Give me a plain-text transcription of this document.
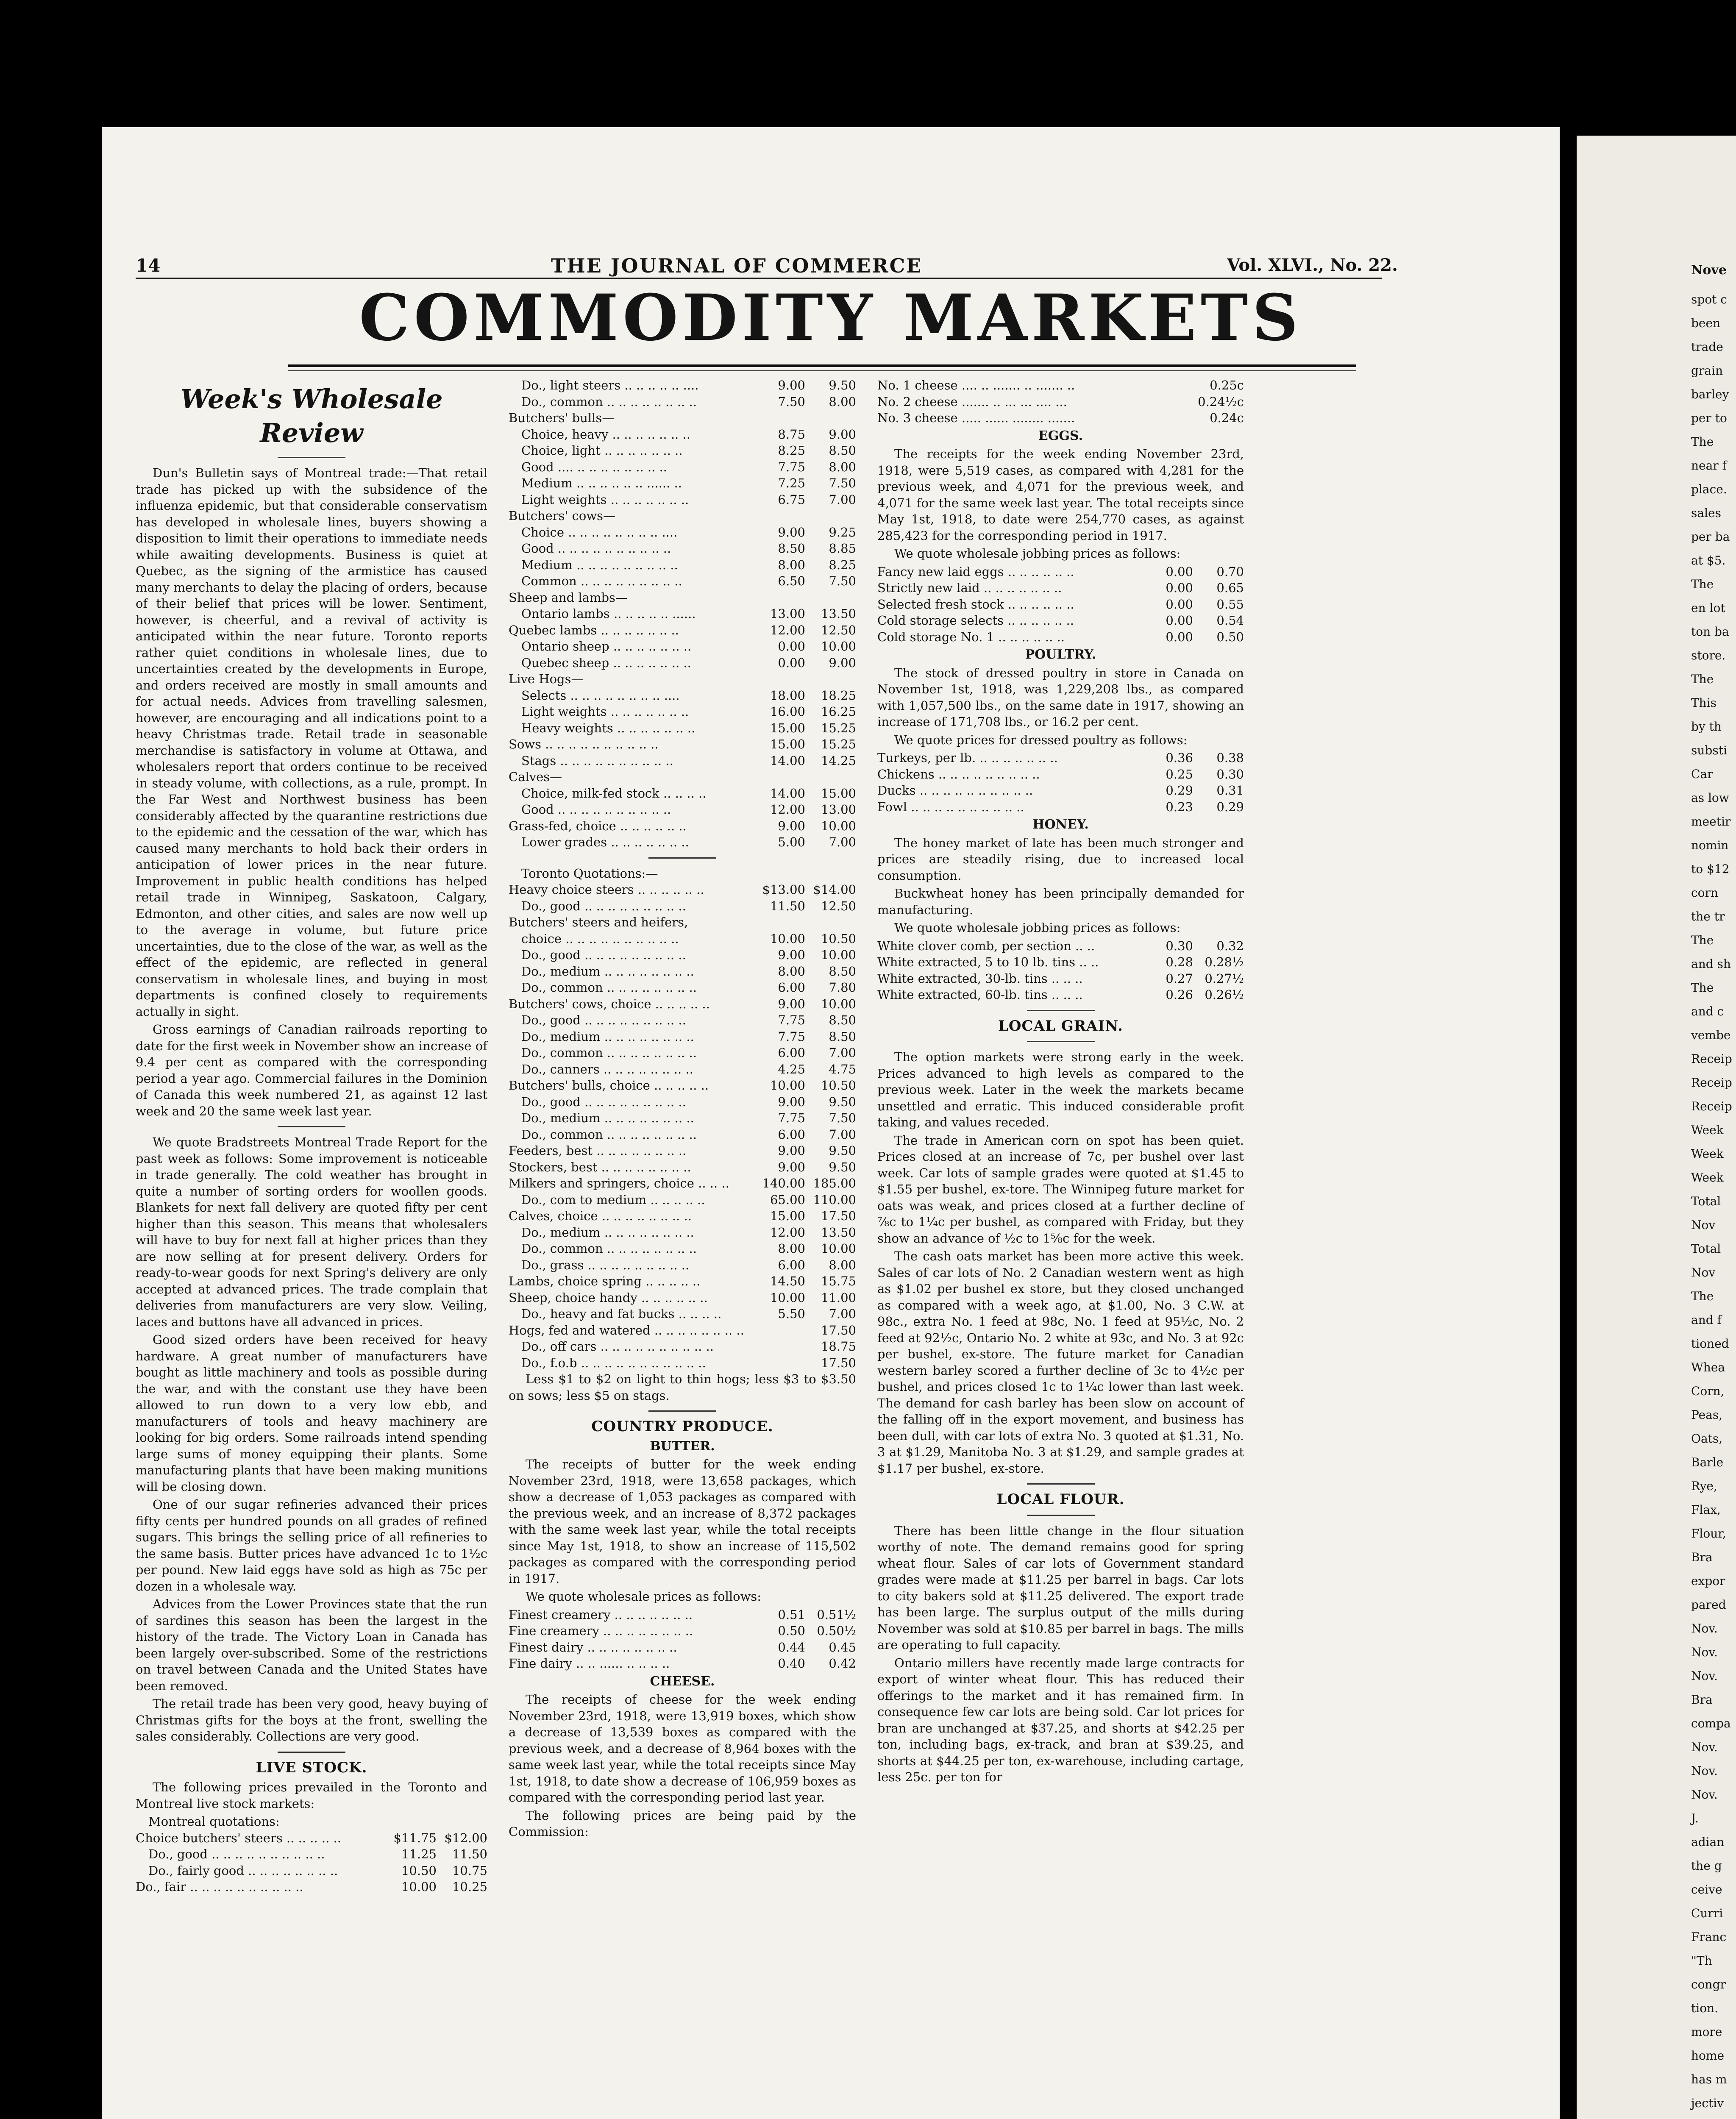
14	THE JOURNAL OF COMMERCE	Vol. XLVI., No. 22.
COMMODITY MARKETS
Week's Wholesale Review

Dun's Bulletin says of Montreal trade:—That retail trade has picked up with the subsidence of the influenza epidemic, but that considerable conservatism has developed in wholesale lines, buyers showing a disposition to limit their operations to immediate needs while awaiting developments. Business is quiet at Quebec, as the signing of the armistice has caused many merchants to delay the placing of orders, because of their belief that prices will be lower. Sentiment, however, is cheerful, and a revival of activity is anticipated within the near future. Toronto reports rather quiet conditions in wholesale lines, due to uncertainties created by the developments in Europe, and orders received are mostly in small amounts and for actual needs. Advices from travelling salesmen, however, are encouraging and all indications point to a heavy Christmas trade. Retail trade in seasonable merchandise is satisfactory in volume at Ottawa, and wholesalers report that orders continue to be received in steady volume, with collections, as a rule, prompt. In the Far West and Northwest business has been considerably affected by the quarantine restrictions due to the epidemic and the cessation of the war, which has caused many merchants to hold back their orders in anticipation of lower prices in the near future. Improvement in public health conditions has helped retail trade in Winnipeg, Saskatoon, Calgary, Edmonton, and other cities, and sales are now well up to the average in volume, but future price uncertainties, due to the close of the war, as well as the effect of the epidemic, are reflected in general conservatism in wholesale lines, and buying in most departments is confined closely to requirements actually in sight.

Gross earnings of Canadian railroads reporting to date for the first week in November show an increase of 9.4 per cent as compared with the corresponding period a year ago. Commercial failures in the Dominion of Canada this week numbered 21, as against 12 last week and 20 the same week last year.

We quote Bradstreets Montreal Trade Report for the past week as follows: Some improvement is noticeable in trade generally. The cold weather has brought in quite a number of sorting orders for woollen goods. Blankets for next fall delivery are quoted fifty per cent higher than this season. This means that wholesalers will have to buy for next fall at higher prices than they are now selling at for present delivery. Orders for ready-to-wear goods for next Spring's delivery are only accepted at advanced prices. The trade complain that deliveries from manufacturers are very slow. Veiling, laces and buttons have all advanced in prices.

Good sized orders have been received for heavy hardware. A great number of manufacturers have bought as little machinery and tools as possible during the war, and with the constant use they have been allowed to run down to a very low ebb, and manufacturers of tools and heavy machinery are looking for big orders. Some railroads intend spending large sums of money equipping their plants. Some manufacturing plants that have been making munitions will be closing down.

One of our sugar refineries advanced their prices fifty cents per hundred pounds on all grades of refined sugars. This brings the selling price of all refineries to the same basis. Butter prices have advanced 1c to 1½c per pound. New laid eggs have sold as high as 75c per dozen in a wholesale way.

Advices from the Lower Provinces state that the run of sardines this season has been the largest in the history of the trade. The Victory Loan in Canada has been largely over-subscribed. Some of the restrictions on travel between Canada and the United States have been removed.

The retail trade has been very good, heavy buying of Christmas gifts for the boys at the front, swelling the sales considerably. Collections are very good.

LIVE STOCK.

The following prices prevailed in the Toronto and Montreal live stock markets:

Montreal quotations:
Choice butchers' steers .. .. .. .. ..	$11.75 $12.00
Do., good .. .. .. .. .. .. .. .. .. ..	11.25	11.50
Do., fairly good .. .. .. .. .. .. .. ..	10.50	10.75
Do., fair .. .. .. .. .. .. .. .. .. ..	10.00	10.25
Do., light steers .. .. .. .. .. ....	9.00	9.50
Do., common .. .. .. .. .. .. .. ..	7.50	8.00
Butchers' bulls—
Choice, heavy .. .. .. .. .. .. ..	8.75	9.00
Choice, light .. .. .. .. .. .. ..	8.25	8.50
Good .... .. .. .. .. .. .. .. ..	7.75	8.00
Medium .. .. .. .. .. .. ...... ..	7.25	7.50
Light weights .. .. .. .. .. .. ..	6.75	7.00
Butchers' cows—
Choice .. .. .. .. .. .. .. .. ....	9.00	9.25
Good .. .. .. .. .. .. .. .. .. ..	8.50	8.85
Medium .. .. .. .. .. .. .. .. ..	8.00	8.25
Common .. .. .. .. .. .. .. .. ..	6.50	7.50
Sheep and lambs—
Ontario lambs .. .. .. .. .. ......	13.00	13.50
Quebec lambs .. .. .. .. .. .. ..	12.00	12.50
Ontario sheep .. .. .. .. .. .. ..	0.00	10.00
Quebec sheep .. .. .. .. .. .. ..	0.00	9.00
Live Hogs—
Selects .. .. .. .. .. .. .. .. ....	18.00	18.25
Light weights .. .. .. .. .. .. ..	16.00	16.25
Heavy weights .. .. .. .. .. .. ..	15.00	15.25
Sows .. .. .. .. .. .. .. .. .. ..	15.00	15.25
Stags .. .. .. .. .. .. .. .. .. ..	14.00	14.25
Calves—
Choice, milk-fed stock .. .. .. ..	14.00	15.00
Good .. .. .. .. .. .. .. .. .. ..	12.00	13.00
Grass-fed, choice .. .. .. .. .. ..	9.00	10.00
Lower grades .. .. .. .. .. .. ..	5.00	7.00
Toronto Quotations:—
Heavy choice steers .. .. .. .. .. ..	$13.00 $14.00
Do., good .. .. .. .. .. .. .. .. ..	11.50	12.50
Butchers' steers and heifers,
choice .. .. .. .. .. .. .. .. .. ..	10.00	10.50
Do., good .. .. .. .. .. .. .. .. ..	9.00	10.00
Do., medium .. .. .. .. .. .. .. ..	8.00	8.50
Do., common .. .. .. .. .. .. .. ..	6.00	7.80
Butchers' cows, choice .. .. .. .. ..	9.00	10.00
Do., good .. .. .. .. .. .. .. .. ..	7.75	8.50
Do., medium .. .. .. .. .. .. .. ..	7.75	8.50
Do., common .. .. .. .. .. .. .. ..	6.00	7.00
Do., canners .. .. .. .. .. .. .. ..	4.25	4.75
Butchers' bulls, choice .. .. .. .. ..	10.00	10.50
Do., good .. .. .. .. .. .. .. .. ..	9.00	9.50
Do., medium .. .. .. .. .. .. .. ..	7.75	7.50
Do., common .. .. .. .. .. .. .. ..	6.00	7.00
Feeders, best .. .. .. .. .. .. .. ..	9.00	9.50
Stockers, best .. .. .. .. .. .. .. ..	9.00	9.50
Milkers and springers, choice .. .. ..	140.00 185.00
Do., com to medium .. .. .. .. ..	65.00 110.00
Calves, choice .. .. .. .. .. .. .. ..	15.00	17.50
Do., medium .. .. .. .. .. .. .. ..	12.00	13.50
Do., common .. .. .. .. .. .. .. ..	8.00	10.00
Do., grass .. .. .. .. .. .. .. .. ..	6.00	8.00
Lambs, choice spring .. .. .. .. ..	14.50	15.75
Sheep, choice handy .. .. .. .. .. ..	10.00	11.00
Do., heavy and fat bucks .. .. .. ..	5.50	7.00
Hogs, fed and watered .. .. .. .. .. .. .. ..	17.50
Do., off cars .. .. .. .. .. .. .. .. .. ..	18.75
Do., f.o.b .. .. .. .. .. .. .. .. .. .. ..	17.50

Less $1 to $2 on light to thin hogs; less $3 to $3.50 on sows; less $5 on stags.

COUNTRY PRODUCE.
BUTTER.

The receipts of butter for the week ending November 23rd, 1918, were 13,658 packages, which show a decrease of 1,053 packages as compared with the previous week, and an increase of 8,372 packages with the same week last year, while the total receipts since May 1st, 1918, to show an increase of 115,502 packages as compared with the corresponding period in 1917.

We quote wholesale prices as follows:

Finest creamery .. .. .. .. .. .. ..	0.51 0.51½
Fine creamery .. .. .. .. .. .. .. ..	0.50 0.50½
Finest dairy .. .. .. .. .. .. .. ..	0.44	0.45
Fine dairy .. .. ...... .. .. .. ..	0.40	0.42
CHEESE.

The receipts of cheese for the week ending November 23rd, 1918, were 13,919 boxes, which show a decrease of 13,539 boxes as compared with the previous week, and a decrease of 8,964 boxes with the same week last year, while the total receipts since May 1st, 1918, to date show a decrease of 106,959 boxes as compared with the corresponding period last year.

The following prices are being paid by the Commission:

No. 1 cheese .... .. ....... .. ....... ..	0.25c
No. 2 cheese ....... .. ... ... .... ...	0.24½c
No. 3 cheese ..... ...... ........ .......	0.24c
EGGS.

The receipts for the week ending November 23rd, 1918, were 5,519 cases, as compared with 4,281 for the previous week, and 4,071 for the previous week, and 4,071 for the same week last year. The total receipts since May 1st, 1918, to date were 254,770 cases, as against 285,423 for the corresponding period in 1917.

We quote wholesale jobbing prices as follows:

Fancy new laid eggs .. .. .. .. .. ..	0.00	0.70
Strictly new laid .. .. .. .. .. .. ..	0.00	0.65
Selected fresh stock .. .. .. .. .. ..	0.00	0.55
Cold storage selects .. .. .. .. .. ..	0.00	0.54
Cold storage No. 1 .. .. .. .. .. ..	0.00	0.50
POULTRY.

The stock of dressed poultry in store in Canada on November 1st, 1918, was 1,229,208 lbs., as compared with 1,057,500 lbs., on the same date in 1917, showing an increase of 171,708 lbs., or 16.2 per cent.

We quote prices for dressed poultry as follows:

Turkeys, per lb. .. .. .. .. .. .. ..	0.36	0.38
Chickens .. .. .. .. .. .. .. .. ..	0.25	0.30
Ducks .. .. .. .. .. .. .. .. .. ..	0.29	0.31
Fowl .. .. .. .. .. .. .. .. .. ..	0.23	0.29
HONEY.

The honey market of late has been much stronger and prices are steadily rising, due to increased local consumption.

Buckwheat honey has been principally demanded for manufacturing.

We quote wholesale jobbing prices as follows:

White clover comb, per section .. ..	0.30	0.32
White extracted, 5 to 10 lb. tins .. ..	0.28 0.28½
White extracted, 30-lb. tins .. .. ..	0.27 0.27½
White extracted, 60-lb. tins .. .. ..	0.26 0.26½
LOCAL GRAIN.

The option markets were strong early in the week. Prices advanced to high levels as compared to the previous week. Later in the week the markets became unsettled and erratic. This induced considerable profit taking, and values receded.

The trade in American corn on spot has been quiet. Prices closed at an increase of 7c, per bushel over last week. Car lots of sample grades were quoted at $1.45 to $1.55 per bushel, ex-tore. The Winnipeg future market for oats was weak, and prices closed at a further decline of ⅞c to 1¼c per bushel, as compared with Friday, but they show an advance of ½c to 1⅝c for the week.

The cash oats market has been more active this week. Sales of car lots of No. 2 Canadian western went as high as $1.02 per bushel ex store, but they closed unchanged as compared with a week ago, at $1.00, No. 3 C.W. at 98c., extra No. 1 feed at 98c, No. 1 feed at 95½c, No. 2 feed at 92½c, Ontario No. 2 white at 93c, and No. 3 at 92c per bushel, ex-store. The future market for Canadian western barley scored a further decline of 3c to 4½c per bushel, and prices closed 1c to 1¼c lower than last week. The demand for cash barley has been slow on account of the falling off in the export movement, and business has been dull, with car lots of extra No. 3 quoted at $1.31, No. 3 at $1.29, Manitoba No. 3 at $1.29, and sample grades at $1.17 per bushel, ex-store.

LOCAL FLOUR.

There has been little change in the flour situation worthy of note. The demand remains good for spring wheat flour. Sales of car lots of Government standard grades were made at $11.25 per barrel in bags. Car lots to city bakers sold at $11.25 delivered. The export trade has been large. The surplus output of the mills during November was sold at $10.85 per barrel in bags. The mills are operating to full capacity.

Ontario millers have recently made large contracts for export of winter wheat flour. This has reduced their offerings to the market and it has remained firm. In consequence few car lots are being sold. Car lot prices for bran are unchanged at $37.25, and shorts at $42.25 per ton, including bags, ex-track, and bran at $39.25, and shorts at $44.25 per ton, ex-warehouse, including cartage, less 25c. per ton for

Nove
spot c
been
trade
grain
barley
per to
The
near f
place.
sales
per ba
at $5.
The
en lot
ton ba
store.
The
This
by th
substi
Car
as low
meetir
nomin
to $12
corn
the tr
The
and sh
The
and c
vembe
Receip
Receip
Receip
Week
Week
Week
Total
Nov
Total
Nov
The
and f
tioned
Whea
Corn,
Peas,
Oats,
Barle
Rye,
Flax,
Flour,
Bra
expor
pared
Nov.
Nov.
Nov.
Bra
compa
Nov.
Nov.
Nov.
J.
adian
the g
ceive
Curri
Franc
"Th
congr
tion.
more
home
has m
jectiv
